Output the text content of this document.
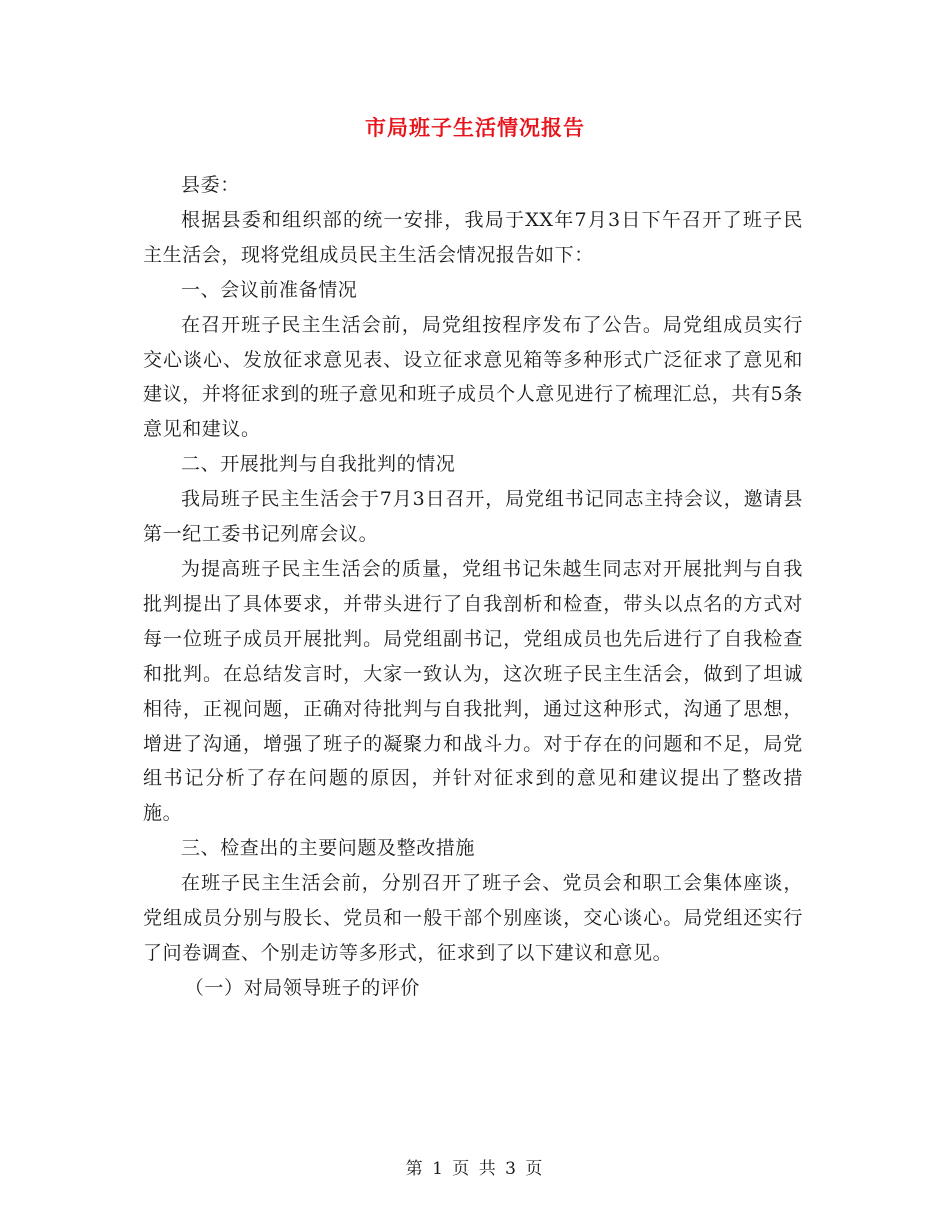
市局班子生活情况报告

县委：

根据县委和组织部的统一安排，我局于XX年7月3日下午召开了班子民主生活会，现将党组成员民主生活会情况报告如下：

一、会议前准备情况

在召开班子民主生活会前，局党组按程序发布了公告。局党组成员实行交心谈心、发放征求意见表、设立征求意见箱等多种形式广泛征求了意见和建议，并将征求到的班子意见和班子成员个人意见进行了梳理汇总，共有5条意见和建议。

二、开展批判与自我批判的情况

我局班子民主生活会于7月3日召开，局党组书记同志主持会议，邀请县第一纪工委书记列席会议。

为提高班子民主生活会的质量，党组书记朱越生同志对开展批判与自我批判提出了具体要求，并带头进行了自我剖析和检查，带头以点名的方式对每一位班子成员开展批判。局党组副书记，党组成员也先后进行了自我检查和批判。在总结发言时，大家一致认为，这次班子民主生活会，做到了坦诚相待，正视问题，正确对待批判与自我批判，通过这种形式，沟通了思想，增进了沟通，增强了班子的凝聚力和战斗力。对于存在的问题和不足，局党组书记分析了存在问题的原因，并针对征求到的意见和建议提出了整改措施。

三、检查出的主要问题及整改措施

在班子民主生活会前，分别召开了班子会、党员会和职工会集体座谈，党组成员分别与股长、党员和一般干部个别座谈，交心谈心。局党组还实行了问卷调查、个别走访等多形式，征求到了以下建议和意见。

（一）对局领导班子的评价

第 1 页 共 3 页
